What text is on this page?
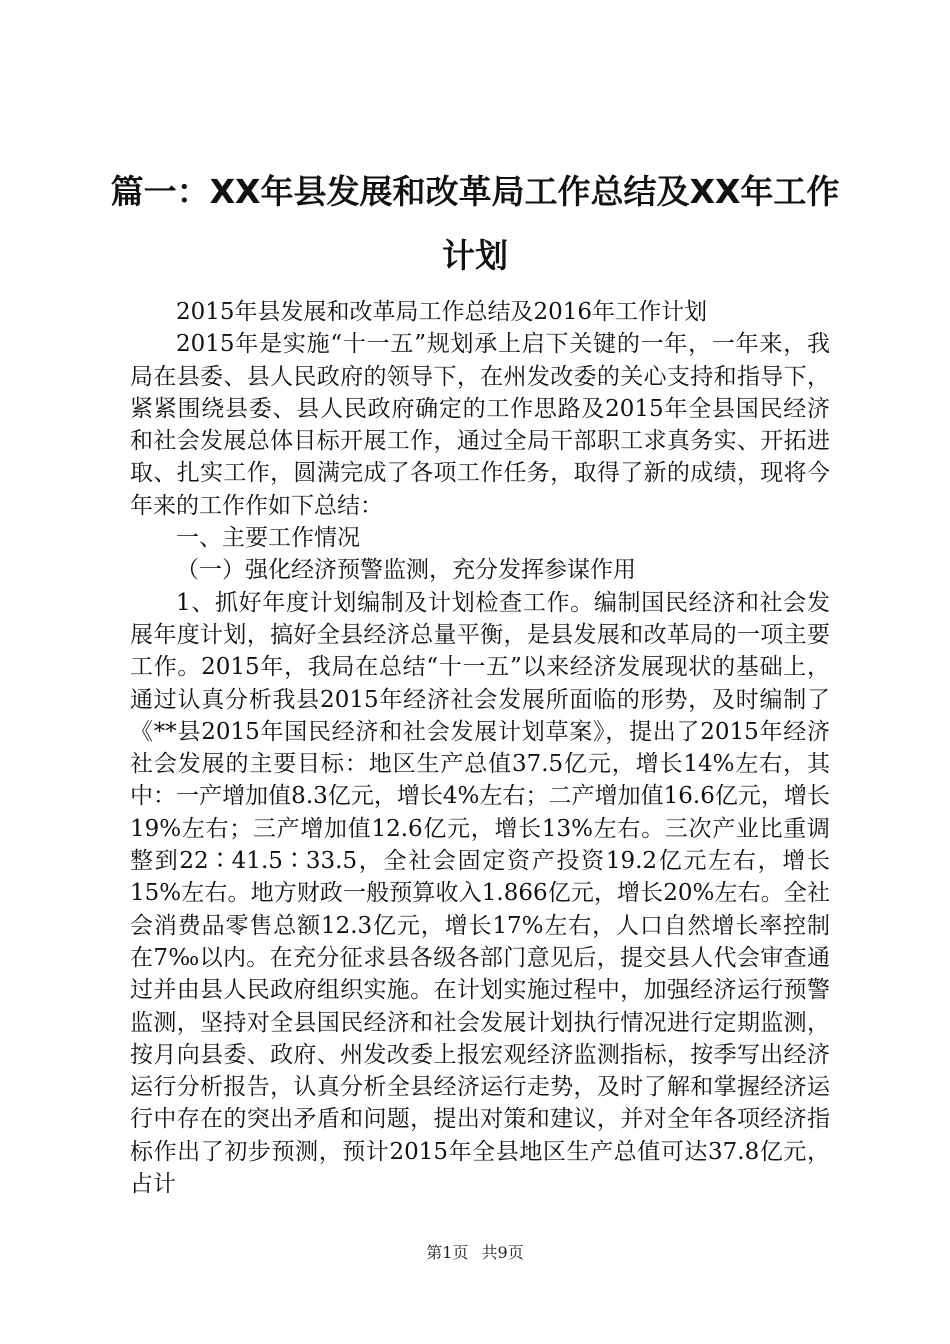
篇一：XX年县发展和改革局工作总结及XX年工作计划

2015年县发展和改革局工作总结及2016年工作计划

2015年是实施“十一五”规划承上启下关键的一年，一年来，我局在县委、县人民政府的领导下，在州发改委的关心支持和指导下，紧紧围绕县委、县人民政府确定的工作思路及2015年全县国民经济和社会发展总体目标开展工作，通过全局干部职工求真务实、开拓进取、扎实工作，圆满完成了各项工作任务，取得了新的成绩，现将今年来的工作作如下总结：

一、主要工作情况

（一）强化经济预警监测，充分发挥参谋作用

1、抓好年度计划编制及计划检查工作。编制国民经济和社会发展年度计划，搞好全县经济总量平衡，是县发展和改革局的一项主要工作。2015年，我局在总结“十一五”以来经济发展现状的基础上，通过认真分析我县2015年经济社会发展所面临的形势，及时编制了《**县2015年国民经济和社会发展计划草案》，提出了2015年经济社会发展的主要目标：地区生产总值37.5亿元，增长14%左右，其中：一产增加值8.3亿元，增长4%左右；二产增加值16.6亿元，增长19%左右；三产增加值12.6亿元，增长13%左右。三次产业比重调整到22∶41.5∶33.5，全社会固定资产投资19.2亿元左右，增长15%左右。地方财政一般预算收入1.866亿元，增长20%左右。全社会消费品零售总额12.3亿元，增长17%左右，人口自然增长率控制在7‰以内。在充分征求县各级各部门意见后，提交县人代会审查通过并由县人民政府组织实施。在计划实施过程中，加强经济运行预警监测，坚持对全县国民经济和社会发展计划执行情况进行定期监测，按月向县委、政府、州发改委上报宏观经济监测指标，按季写出经济运行分析报告，认真分析全县经济运行走势，及时了解和掌握经济运行中存在的突出矛盾和问题，提出对策和建议，并对全年各项经济指标作出了初步预测，预计2015年全县地区生产总值可达37.8亿元，占计

第1页 共9页
